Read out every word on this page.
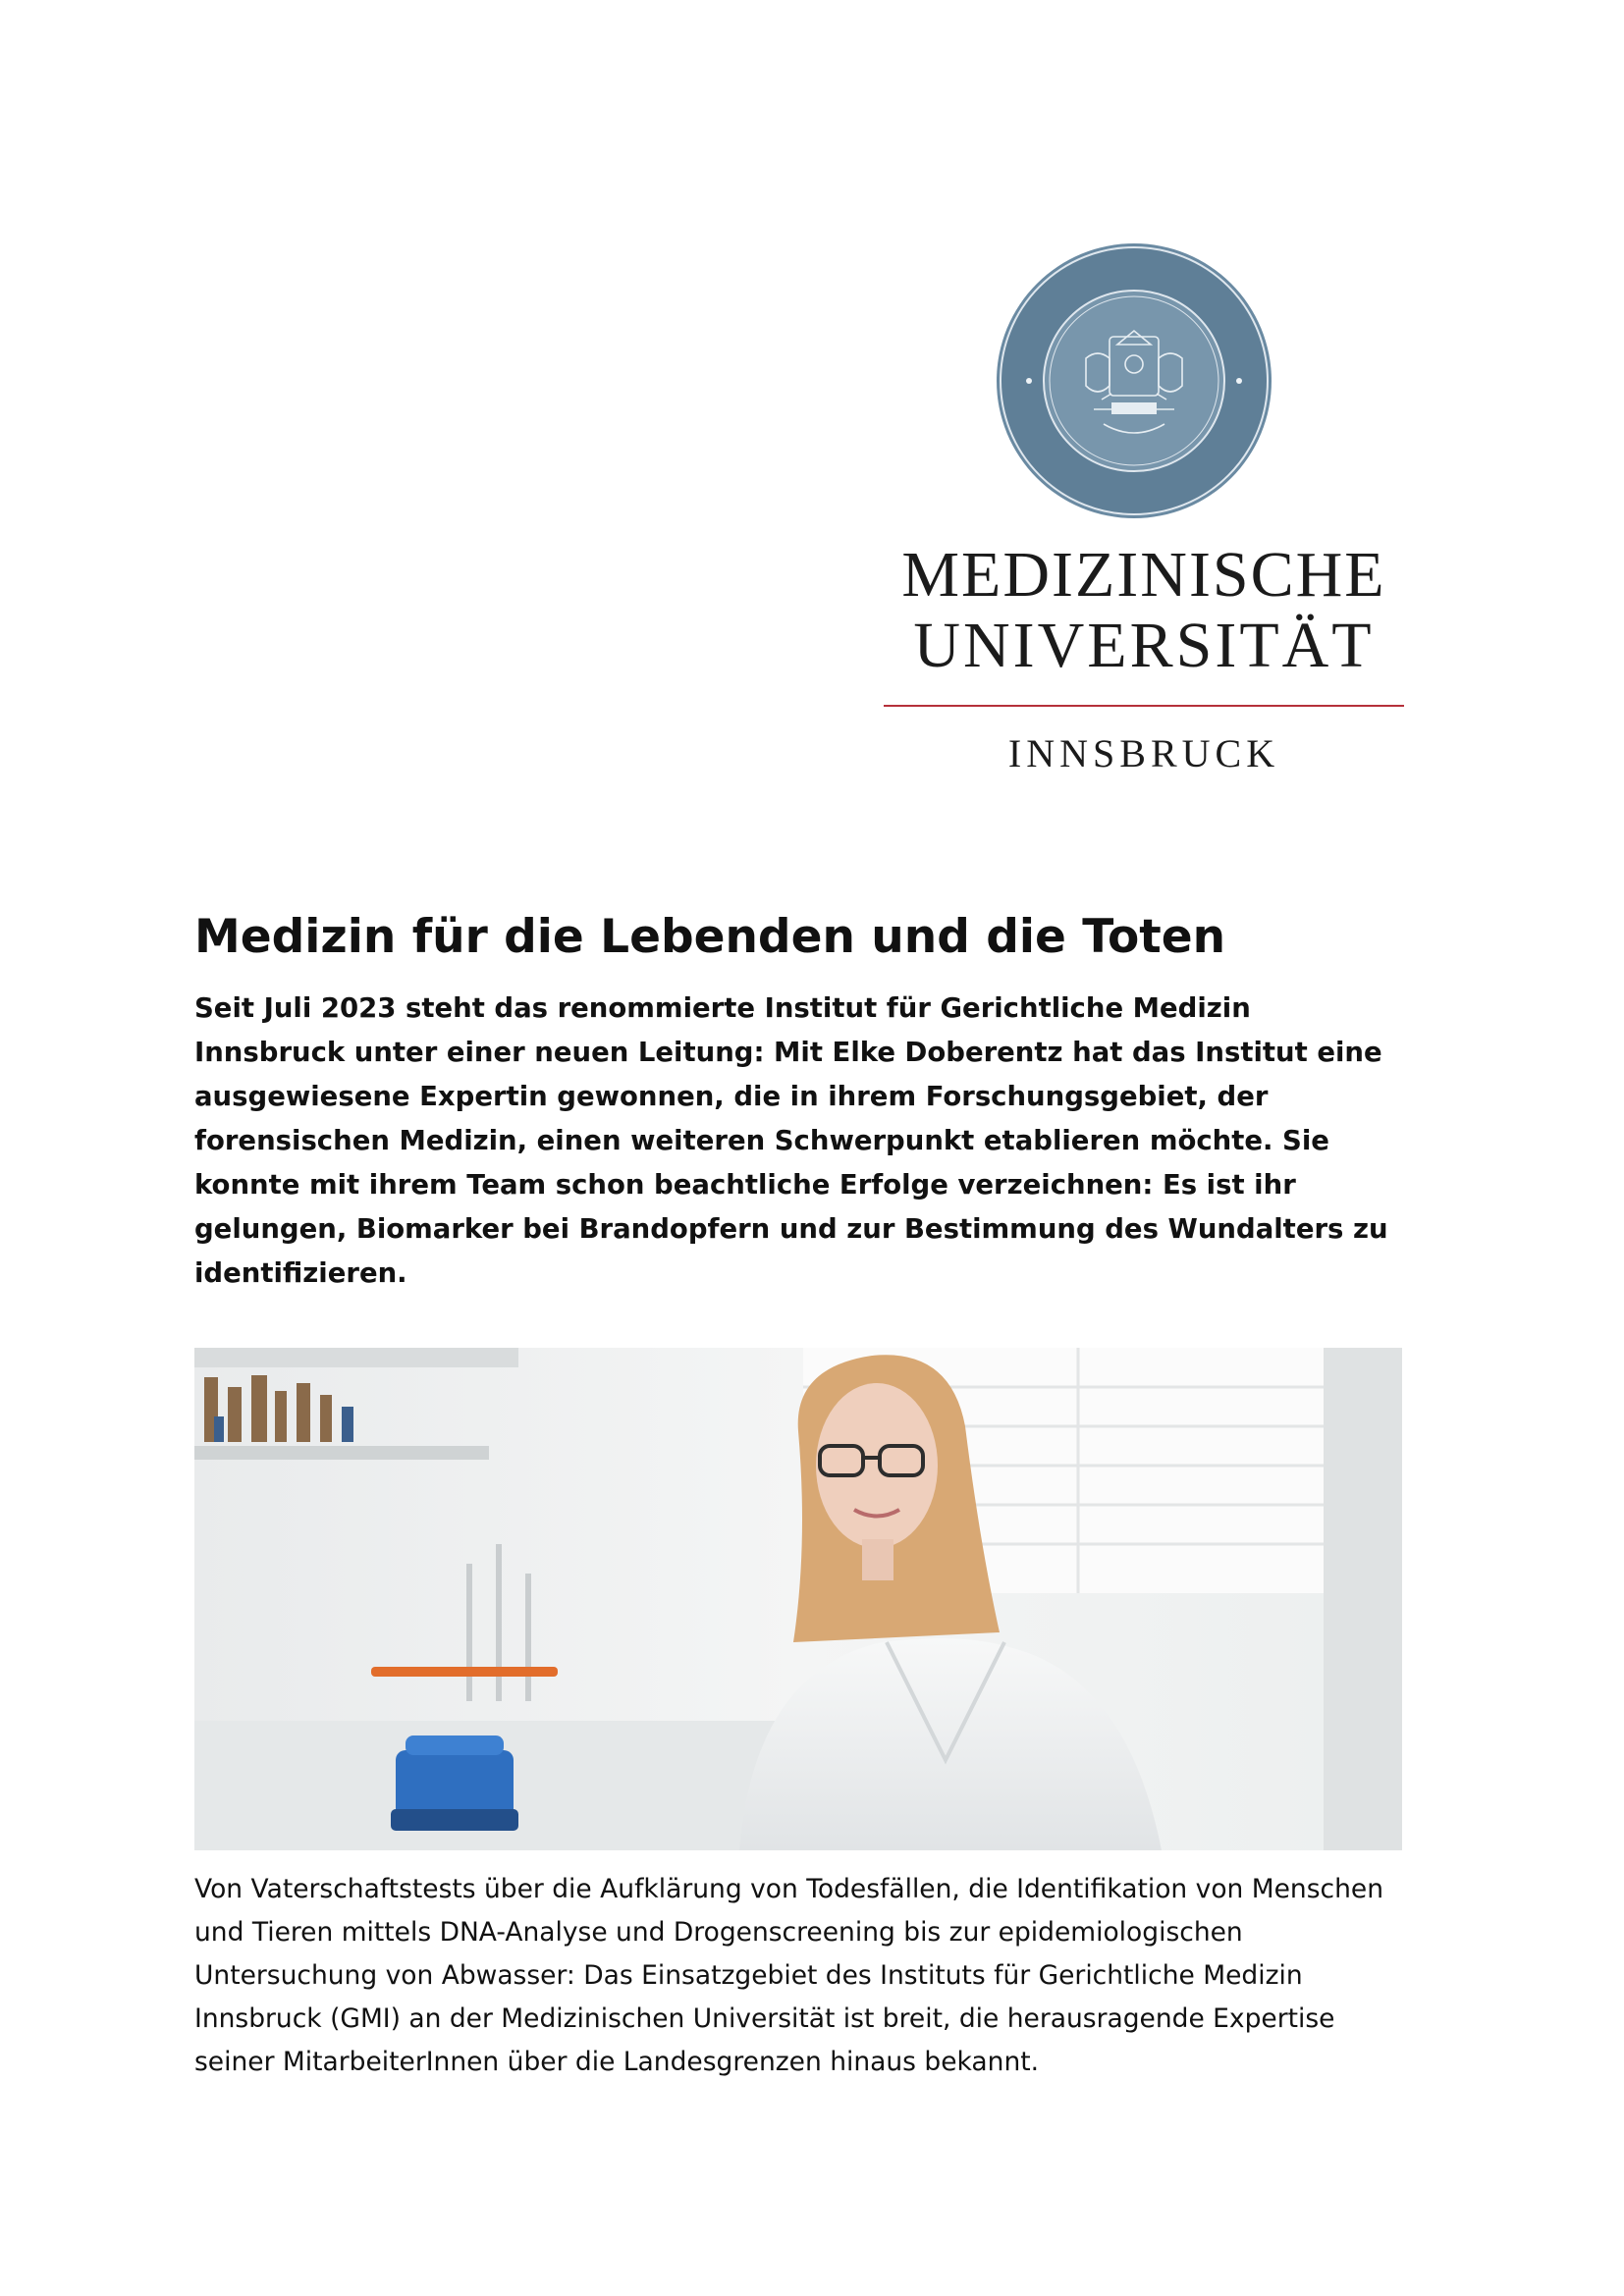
MEDIZINISCHE
UNIVERSITÄT
INNSBRUCK
Medizin für die Lebenden und die Toten

Seit Juli 2023 steht das renommierte Institut für Gerichtliche Medizin Innsbruck unter einer neuen Leitung: Mit Elke Doberentz hat das Institut eine ausgewiesene Expertin gewonnen, die in ihrem Forschungsgebiet, der forensischen Medizin, einen weiteren Schwerpunkt etablieren möchte. Sie konnte mit ihrem Team schon beachtliche Erfolge verzeichnen: Es ist ihr gelungen, Biomarker bei Brandopfern und zur Bestimmung des Wundalters zu identifizieren.

Von Vaterschaftstests über die Aufklärung von Todesfällen, die Identifikation von Menschen und Tieren mittels DNA-Analyse und Drogenscreening bis zur epidemiologischen Untersuchung von Abwasser: Das Einsatzgebiet des Instituts für Gerichtliche Medizin Innsbruck (GMI) an der Medizinischen Universität ist breit, die herausragende Expertise seiner MitarbeiterInnen über die Landesgrenzen hinaus bekannt.
